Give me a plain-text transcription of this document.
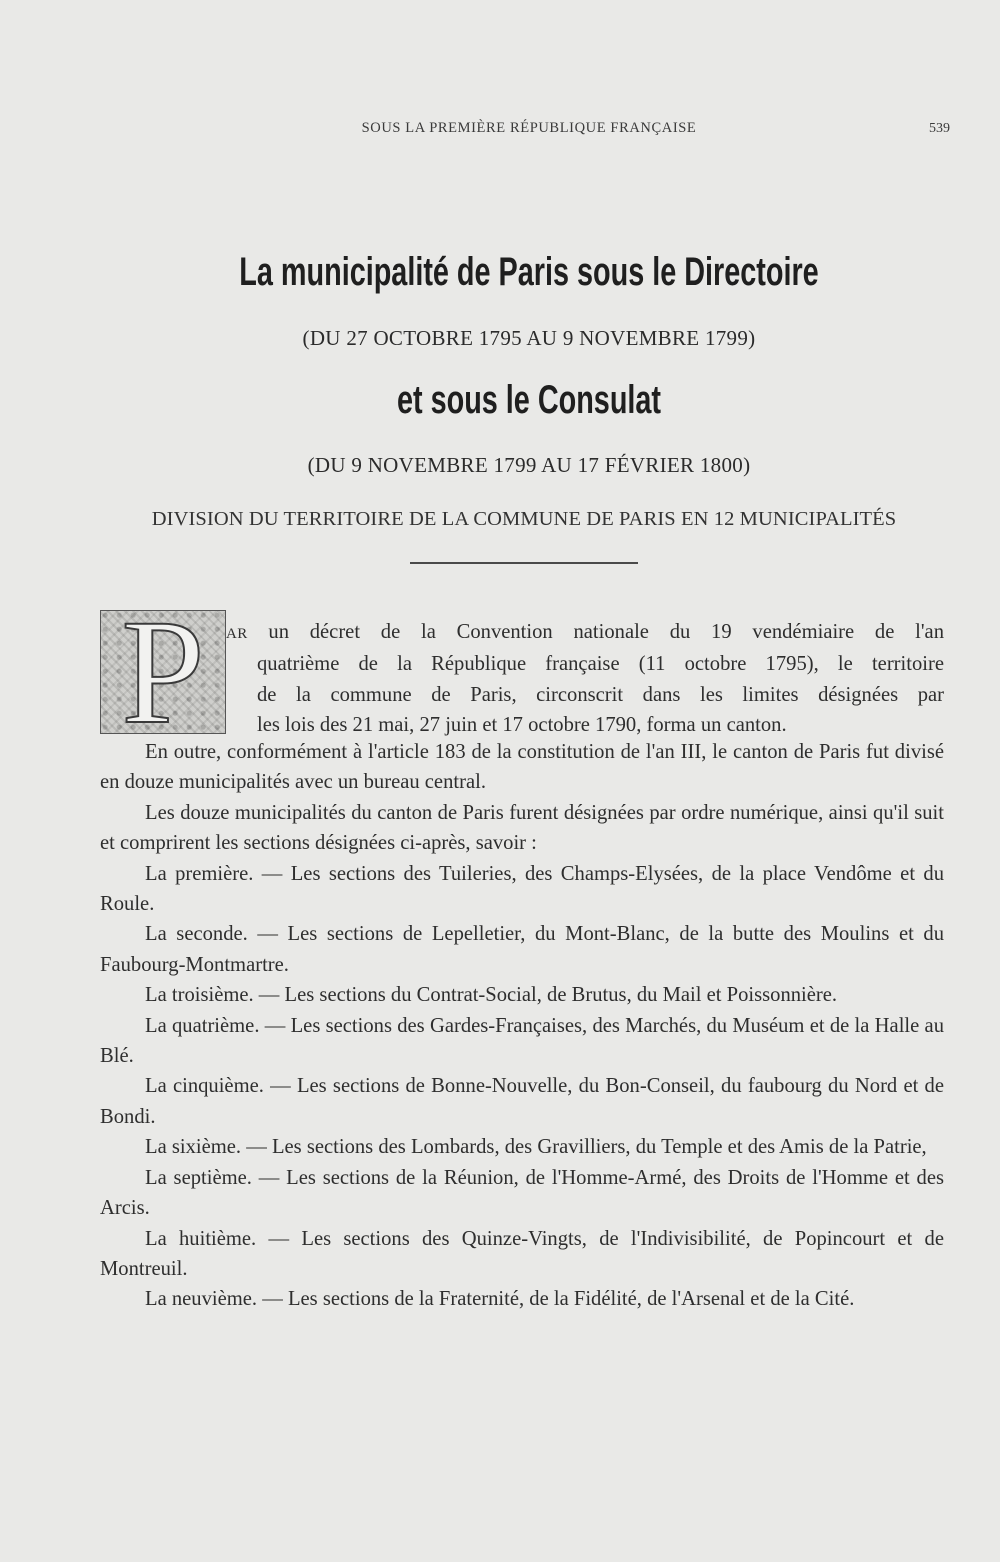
SOUS LA PREMIÈRE RÉPUBLIQUE FRANÇAISE	539
La municipalité de Paris sous le Directoire
(DU 27 OCTOBRE 1795 AU 9 NOVEMBRE 1799)
et sous le Consulat
(DU 9 NOVEMBRE 1799 AU 17 FÉVRIER 1800)
DIVISION DU TERRITOIRE DE LA COMMUNE DE PARIS EN 12 MUNICIPALITÉS
P	AR un décret de la Convention nationale du 19 vendémiaire de l'an
quatrième de la République française (11 octobre 1795), le territoire
de la commune de Paris, circonscrit dans les limites désignées par
les lois des 21 mai, 27 juin et 17 octobre 1790, forma un canton.

En outre, conformément à l'article 183 de la constitution de l'an III, le canton de Paris fut divisé en douze municipalités avec un bureau central.

Les douze municipalités du canton de Paris furent désignées par ordre numérique, ainsi qu'il suit et comprirent les sections désignées ci-après, savoir :

La première. — Les sections des Tuileries, des Champs-Elysées, de la place Vendôme et du Roule.

La seconde. — Les sections de Lepelletier, du Mont-Blanc, de la butte des Moulins et du Faubourg-Montmartre.

La troisième. — Les sections du Contrat-Social, de Brutus, du Mail et Poissonnière.

La quatrième. — Les sections des Gardes-Françaises, des Marchés, du Muséum et de la Halle au Blé.

La cinquième. — Les sections de Bonne-Nouvelle, du Bon-Conseil, du faubourg du Nord et de Bondi.

La sixième. — Les sections des Lombards, des Gravilliers, du Temple et des Amis de la Patrie,

La septième. — Les sections de la Réunion, de l'Homme-Armé, des Droits de l'Homme et des Arcis.

La huitième. — Les sections des Quinze-Vingts, de l'Indivisibilité, de Popincourt et de Montreuil.

La neuvième. — Les sections de la Fraternité, de la Fidélité, de l'Arsenal et de la Cité.
